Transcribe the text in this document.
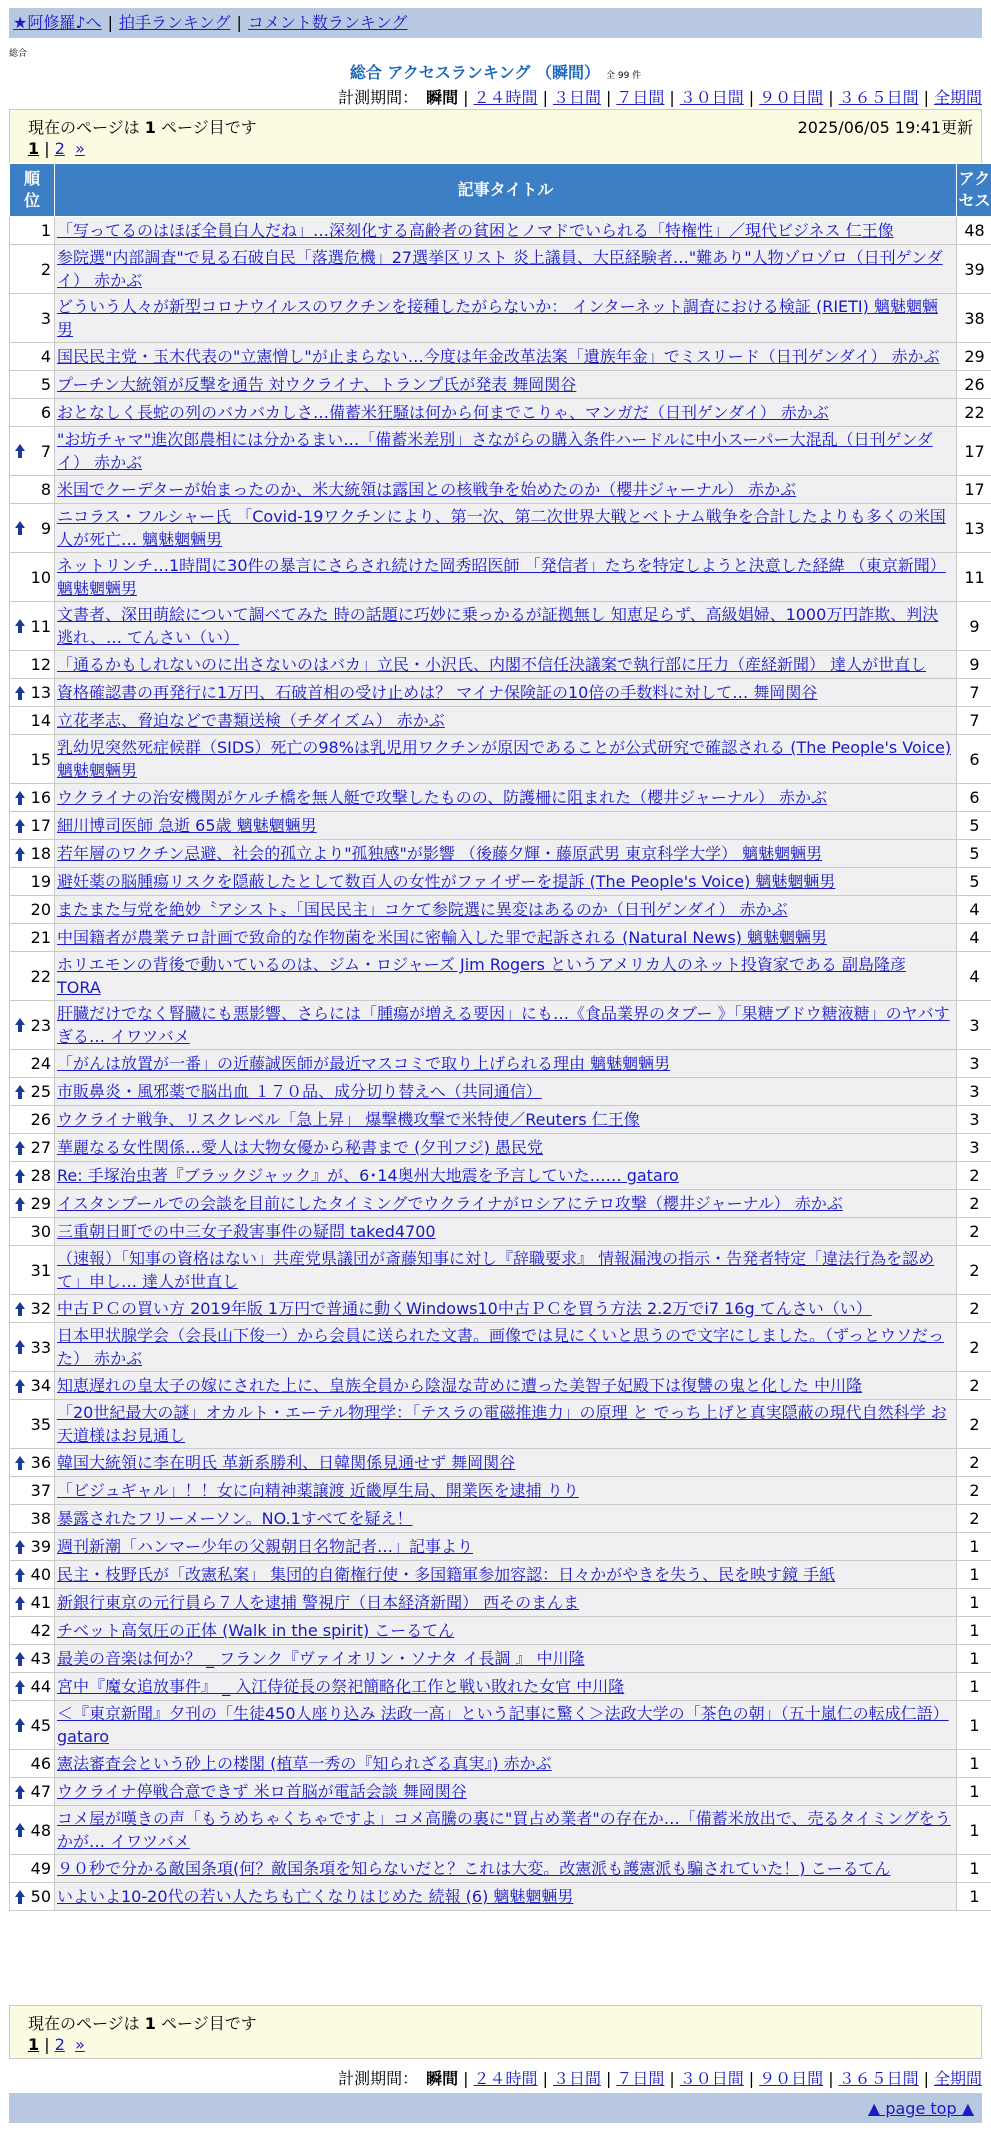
★阿修羅♪へ | 拍手ランキング | コメント数ランキング
総合
総合 アクセスランキング （瞬間） 全 99 件
計測期間： 瞬間 | ２４時間 | ３日間 | ７日間 | ３０日間 | ９０日間 | ３６５日間 | 全期間
現在のページは 1 ページ目です	2025/06/05 19:41更新
1 | 2 »
順位	記事タイトル	アクセス
1	「写ってるのはほぼ全員白人だね」…深刻化する高齢者の貧困とノマドでいられる「特権性」／現代ビジネス 仁王像	48
2	参院選"内部調査"で見る石破自民「落選危機」27選挙区リスト 炎上議員、大臣経験者…"難あり"人物ゾロゾロ（日刊ゲンダイ） 赤かぶ	39
3	どういう人々が新型コロナウイルスのワクチンを接種したがらないか： インターネット調査における検証 (RIETI) 魑魅魍魎男	38
4	国民民主党・玉木代表の"立憲憎し"が止まらない…今度は年金改革法案「遺族年金」でミスリード（日刊ゲンダイ） 赤かぶ	29
5	プーチン大統領が反撃を通告 対ウクライナ、トランプ氏が発表 舞岡関谷	26
6	おとなしく長蛇の列のバカバカしさ…備蓄米狂騒は何から何までこりゃ、マンガだ（日刊ゲンダイ） 赤かぶ	22

7	"お坊チャマ"進次郎農相には分かるまい…「備蓄米差別」さながらの購入条件ハードルに中小スーパー大混乱（日刊ゲンダイ） 赤かぶ	17
8	米国でクーデターが始まったのか、米大統領は露国との核戦争を始めたのか（櫻井ジャーナル） 赤かぶ	17

9	ニコラス・フルシャー氏 「Covid-19ワクチンにより、第一次、第二次世界大戦とベトナム戦争を合計したよりも多くの米国人が死亡… 魑魅魍魎男	13
10	ネットリンチ…1時間に30件の暴言にさらされ続けた岡秀昭医師 「発信者」たちを特定しようと決意した経緯 （東京新聞） 魑魅魍魎男	11

11	文書者、深田萌絵について調べてみた 時の話題に巧妙に乗っかるが証拠無し 知恵足らず、高級娼婦、1000万円詐欺、判決逃れ、… てんさい（い）	9
12	「通るかもしれないのに出さないのはバカ」立民・小沢氏、内閣不信任決議案で執行部に圧力（産経新聞） 達人が世直し	9

13	資格確認書の再発行に1万円、石破首相の受け止めは？ マイナ保険証の10倍の手数料に対して… 舞岡関谷	7
14	立花孝志、脅迫などで書類送検（チダイズム） 赤かぶ	7
15	乳幼児突然死症候群（SIDS）死亡の98%は乳児用ワクチンが原因であることが公式研究で確認される (The People's Voice) 魑魅魍魎男	6

16	ウクライナの治安機関がケルチ橋を無人艇で攻撃したものの、防護柵に阻まれた（櫻井ジャーナル） 赤かぶ	6

17	細川博司医師 急逝 65歳 魑魅魍魎男	5

18	若年層のワクチン忌避、社会的孤立より"孤独感"が影響 （後藤夕輝・藤原武男 東京科学大学） 魑魅魍魎男	5
19	避妊薬の脳腫瘍リスクを隠蔽したとして数百人の女性がファイザーを提訴 (The People's Voice) 魑魅魍魎男	5
20	またまた与党を絶妙〝アシスト〟「国民民主」コケて参院選に異変はあるのか（日刊ゲンダイ） 赤かぶ	4
21	中国籍者が農業テロ計画で致命的な作物菌を米国に密輸入した罪で起訴される (Natural News) 魑魅魍魎男	4
22	ホリエモンの背後で動いているのは、ジム・ロジャーズ Jim Rogers というアメリカ人のネット投資家である 副島隆彦 TORA	4

23	肝臓だけでなく腎臓にも悪影響、さらには「腫瘍が増える要因」にも…《食品業界のタブー 》「果糖ブドウ糖液糖」のヤバすぎる… イワツバメ	3
24	「がんは放置が一番」の近藤誠医師が最近マスコミで取り上げられる理由 魑魅魍魎男	3

25	市販鼻炎・風邪薬で脳出血 １７０品、成分切り替えへ（共同通信）	3
26	ウクライナ戦争、リスクレベル「急上昇」 爆撃機攻撃で米特使／Reuters 仁王像	3

27	華麗なる女性関係…愛人は大物女優から秘書まで (夕刊フジ) 愚民党	3

28	Re: 手塚治虫著『ブラックジャック』が、6･14奥州大地震を予言していた…… gataro	2

29	イスタンブールでの会談を目前にしたタイミングでウクライナがロシアにテロ攻撃（櫻井ジャーナル） 赤かぶ	2
30	三重朝日町での中三女子殺害事件の疑問 taked4700	2
31	（速報）「知事の資格はない」共産党県議団が斎藤知事に対し『辞職要求』 情報漏洩の指示・告発者特定「違法行為を認めて」申し… 達人が世直し	2

32	中古ＰＣの買い方 2019年版 1万円で普通に動くWindows10中古ＰＣを買う方法 2.2万でi7 16g てんさい（い）	2

33	日本甲状腺学会（会長山下俊一）から会員に送られた文書。画像では見にくいと思うので文字にしました。（ずっとウソだった） 赤かぶ	2

34	知恵遅れの皇太子の嫁にされた上に、皇族全員から陰湿な苛めに遭った美智子妃殿下は復讐の鬼と化した 中川隆	2
35	「20世紀最大の謎」オカルト・エーテル物理学：「テスラの電磁推進力」の原理 と でっち上げと真実隠蔽の現代自然科学 お天道様はお見通し	2

36	韓国大統領に李在明氏 革新系勝利、日韓関係見通せず 舞岡関谷	2
37	「ビジュギャル」！！女に向精神薬譲渡 近畿厚生局、開業医を逮捕 りり	2
38	暴露されたフリーメーソン。NO.1すべてを疑え！	2

39	週刊新潮「ハンマー少年の父親朝日名物記者…」記事より	1

40	民主・枝野氏が「改憲私案」 集団的自衛権行使・多国籍軍参加容認：日々かがやきを失う、民を映す鏡 手紙	1

41	新銀行東京の元行員ら７人を逮捕 警視庁（日本経済新聞） 西そのまんま	1
42	チベット高気圧の正体 (Walk in the spirit) こーるてん	1

43	最美の音楽は何か？ _ フランク『ヴァイオリン・ソナタ イ長調 』 中川隆	1

44	宮中『魔女追放事件』 _ 入江侍従長の祭祀簡略化工作と戦い敗れた女官 中川隆	1

45	＜『東京新聞』夕刊の「生徒450人座り込み 法政一高」という記事に驚く＞法政大学の「茶色の朝」（五十嵐仁の転成仁語） gataro	1
46	憲法審査会という砂上の楼閣 (植草一秀の『知られざる真実』) 赤かぶ	1

47	ウクライナ停戦合意できず 米ロ首脳が電話会談 舞岡関谷	1

48	コメ屋が嘆きの声「もうめちゃくちゃですよ」コメ高騰の裏に"買占め業者"の存在か…「備蓄米放出で、売るタイミングをうかが… イワツバメ	1
49	９０秒で分かる敵国条項(何？敵国条項を知らないだと？これは大変。改憲派も護憲派も騙されていた！) こーるてん	1

50	いよいよ10-20代の若い人たちも亡くなりはじめた 続報 (6) 魑魅魍魎男	1
現在のページは 1 ページ目です
1 | 2 »
計測期間： 瞬間 | ２４時間 | ３日間 | ７日間 | ３０日間 | ９０日間 | ３６５日間 | 全期間
▲ page top ▲
